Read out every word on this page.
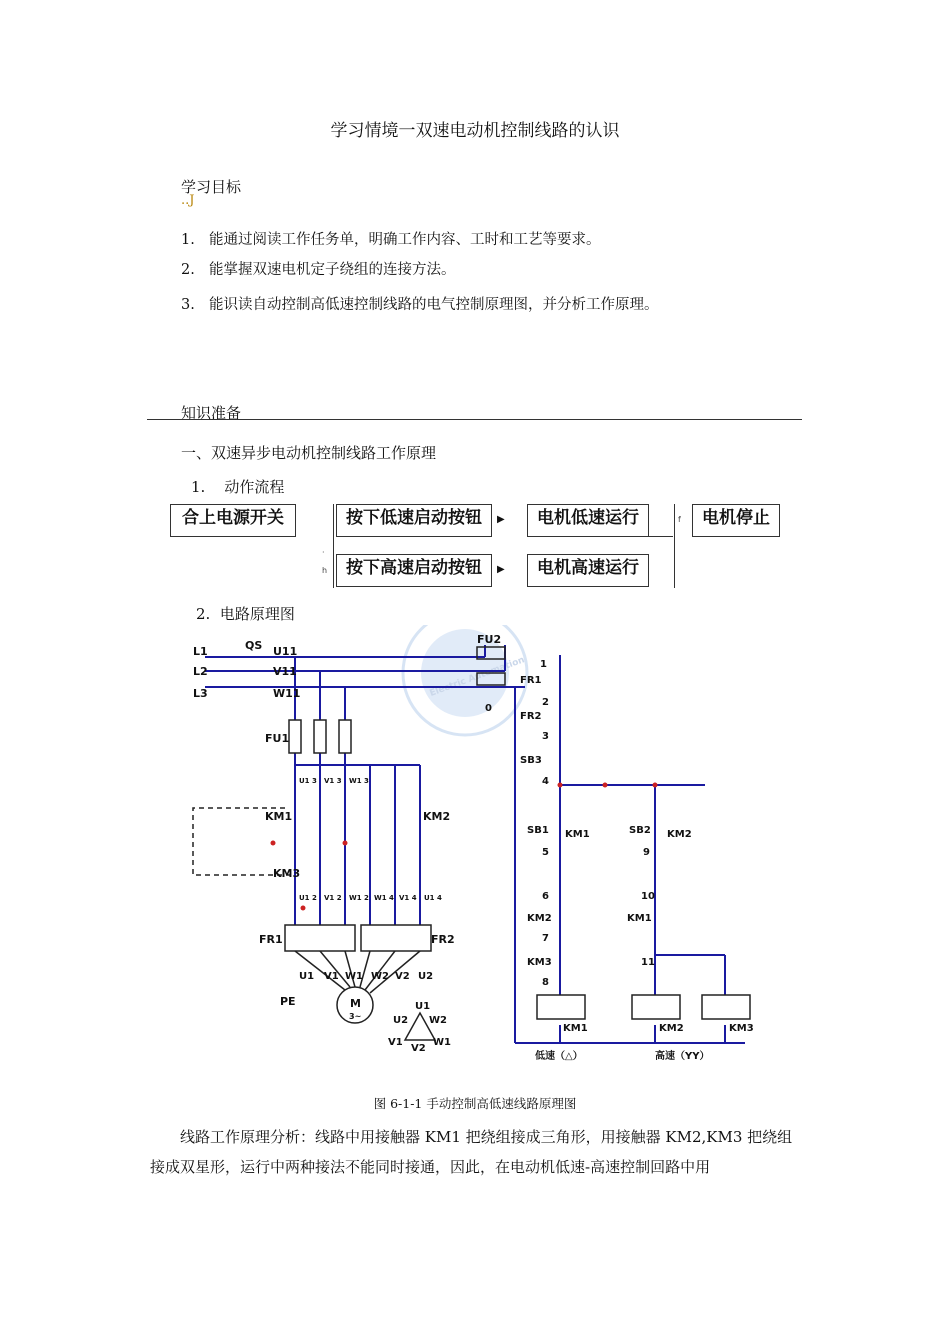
学习情境一双速电动机控制线路的认识
学习目标
..J
1. 能通过阅读工作任务单，明确工作内容、工时和工艺等要求。
2. 能掌握双速电机定子绕组的连接方法。
3. 能识读自动控制高低速控制线路的电气控制原理图，并分析工作原理。
知识准备
一、双速异步电动机控制线路工作原理
1. 动作流程
合上电源开关	按下低速启动按钮	▶	电机低速运行	f	电机停止
·
h	按下高速启动按钮	▶	电机高速运行
2. 电路原理图
Electric Automation
L1
L2
L3
QS U11
V11
W11
FU1
FU2
KM1	KM2
KM3
FR1	FR2
PE	M
3~
U1 3 V1 3 W1 3
U1 2 V1 2 W1 2 W1 4 V1 4 U1 4
U1 V1 W1 W2 V2 U2
U1
U2 W2
V1
V2
W1
1
FR1
2
FR2
3
SB3
4
SB1 KM1	SB2 KM2
5
6
KM2
7
KM3
8
9
10
KM1
11
0
KM1	KM2	KM3
低速（△）	高速（YY）
图 6-1-1 手动控制高低速线路原理图
线路工作原理分析：线路中用接触器 KM1 把绕组接成三角形，用接触器 KM2,KM3 把绕组接成双星形，运行中两种接法不能同时接通，因此，在电动机低速-高速控制回路中用
